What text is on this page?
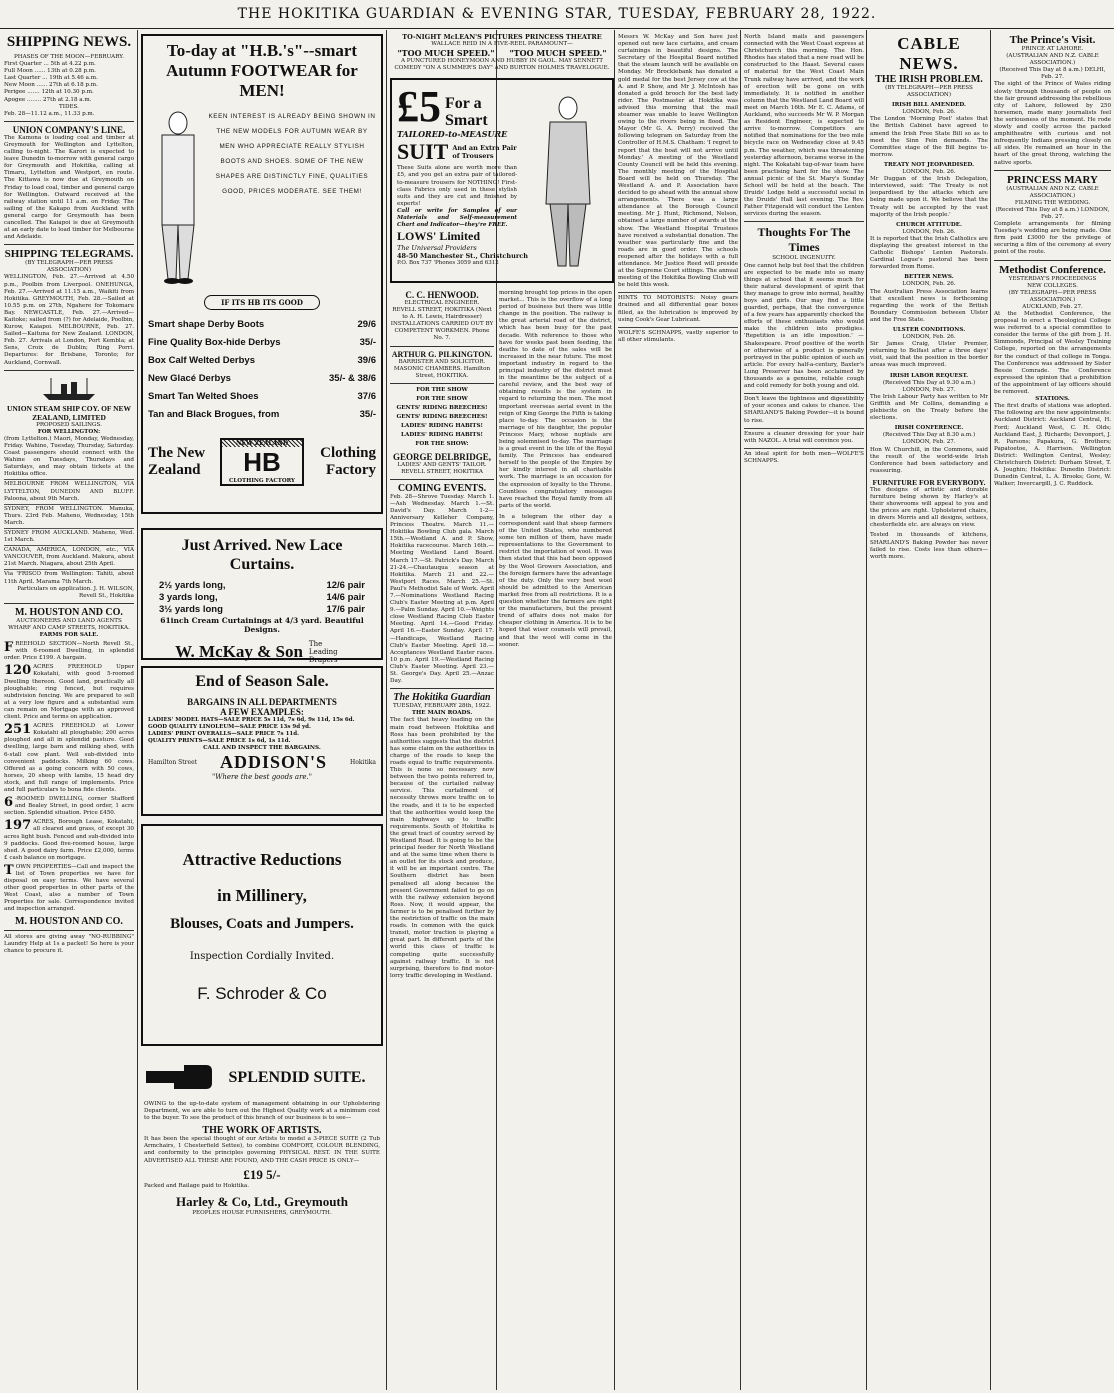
THE HOKITIKA GUARDIAN & EVENING STAR, TUESDAY, FEBRUARY 28, 1922.
SHIPPING NEWS.
PHASES OF THE MOON—FEBRUARY.
First Quarter ... 5th at 4.22 p.m.
Full Moon ...... 13th at 0.28 p.m.
Last Quarter ... 19th at 5.46 a.m.
New Moon ...... 27th at 6.18 p.m.
Perigee ....... 12th at 10.30 p.m.
Apogee ........ 27th at 2.18 a.m.
TIDES.
Feb. 28—11.12 a.m., 11.33 p.m.
UNION COMPANY'S LINE.
The Kamona is loading coal and timber at Greymouth for Wellington and Lyttelton, calling to-night. The Karori is expected to leave Dunedin to-morrow with general cargo for Greymouth and Hokitika, calling at Timaru, Lyttelton and Westport, en route. The Kittawa is now due at Greymouth on Friday to load coal, timber and general cargo for Wellington. Outward received at the railway station until 11 a.m. on Friday. The sailing of the Kakapo from Auckland with general cargo for Greymouth has been cancelled. The Kaiapoi is due at Greymouth at an early date to load timber for Melbourne and Adelaide.
SHIPPING TELEGRAMS.
(BY TELEGRAPH—PER PRESS ASSOCIATION)
WELLINGTON, Feb. 27.—Arrived at 4.50 p.m., Poolbin from Liverpool. ONEHUNGA, Feb. 27.—Arrived at 11.15 a.m., Waikiti from Hokitika. GREYMOUTH, Feb. 28.—Sailed at 10.55 p.m. on 27th, Ngahere for Tokomaru Bay. NEWCASTLE, Feb. 27.—Arrived—Kaitoke; sailed from (?) for Adelaide, Poolbin, Kurow, Kaiapoi. MELBOURNE, Feb. 27. Sailed—Kaituna for New Zealand. LONDON, Feb. 27. Arrivals at London, Port Kembla; at Sens, Croix de Dublin; Ring Porri. Departures: for Brisbane, Toronto; for Auckland, Cornwall.
UNION STEAM SHIP COY. OF NEW ZEALAND, LIMITED
PROPOSED SAILINGS.
FOR WELLINGTON:
(from Lyttelton.) Maori, Monday, Wednesday, Friday. Wahine, Tuesday, Thursday, Saturday. Coast passengers should connect with the Wahine on Tuesdays, Thursdays and Saturdays, and may obtain tickets at the Hokitika office.
MELBOURNE FROM WELLINGTON, VIA LYTTELTON, DUNEDIN AND BLUFF. Paloona, about 9th March.
SYDNEY, FROM WELLINGTON. Manuka, Thurs. 23rd Feb. Maheno, Wednesday, 15th March.
SYDNEY FROM AUCKLAND. Maheno, Wed. 1st March.
CANADA, AMERICA, LONDON, etc., VIA VANCOUVER, from Auckland. Makura, about 21st March. Niagara, about 25th April.
Via 'FRISCO from Wellington: Tahiti, about 11th April. Marama 7th March.
Particulars on application. J. H. WILSON, Revell St., Hokitika
M. HOUSTON AND CO.
AUCTIONEERS AND LAND AGENTS
WHARF AND CAMP STREETS, HOKITIKA.
FARMS FOR SALE.
FREEHOLD SECTION—North Revell St., with 6-roomed Dwelling, in splendid order. Price £199. A bargain.
120 ACRES FREEHOLD Upper Kokatahi, with good 5-roomed Dwelling thereon. Good land, practically all ploughable; ring fenced, but requires subdivision fencing. We are prepared to sell at a very low figure and a substantial sum can remain on Mortgage with an approved client. Price and terms on application.
251 ACRES FREEHOLD at Lower Kokatahi all ploughable; 200 acres ploughed and all in splendid pasture. Good dwelling, large barn and milking shed, with 6-stall cow plant. Well sub-divided into convenient paddocks. Milking 60 cows. Offered as a going concern with 50 cows, horses, 20 sheep with lambs, 15 head dry stock, and full range of implements. Price and full particulars to bona fide clients.
6 -ROOMED DWELLING, corner Stafford and Bealey Street, in good order, 1 acre section. Splendid situation. Price £450.
197 ACRES, Borough Lease, Kokatahi, all cleared and grass, of except 30 acres light bush. Fenced and sub-divided into 9 paddocks. Good five-roomed house, large shed. A good dairy farm. Price £2,000, terms £ cash balance on mortgage.
TOWN PROPERTIES—Call and inspect the list of Town properties we have for disposal on easy terms. We have several other good properties in other parts of the West Coast, also a number of Town Properties for sale. Correspondence invited and inspection arranged.
M. HOUSTON AND CO.
All stores are giving away "NO-RUBBING" Laundry Help at 1s a packet! So here is your chance to procure it.
To-day at "H.B.'s"--smart Autumn FOOTWEAR for MEN!
KEEN INTEREST IS ALREADY BEING SHOWN IN THE NEW MODELS FOR AUTUMN WEAR BY MEN WHO APPRECIATE REALLY STYLISH BOOTS AND SHOES. SOME OF THE NEW SHAPES ARE DISTINCTLY FINE, QUALITIES GOOD, PRICES MODERATE. SEE THEM!
IF ITS HB ITS GOOD
Smart shape Derby Boots	29/6
Fine Quality Box-hide Derbys	35/-
Box Calf Welted Derbys	39/6
New Glacé Derbys	35/- & 38/6
Smart Tan Welted Shoes	37/6
Tan and Black Brogues, from	35/-
The New Zealand
NEW ZEALAND
HB
CLOTHING FACTORY
Clothing Factory
Just Arrived. New Lace Curtains.
2½ yards long,	12/6 pair
3 yards long,	14/6 pair
3½ yards long	17/6 pair
61inch Cream Curtainings at 4/3 yard. Beautiful Designs.
W. McKay & Son The Leading Drapers
End of Season Sale.
BARGAINS IN ALL DEPARTMENTS
A FEW EXAMPLES:
LADIES' MODEL HATS—SALE PRICE 5s 11d, 7s 6d, 9s 11d, 15s 6d.
GOOD QUALITY LINOLEUM—SALE PRICE 13s 9d yd.
LADIES' PRINT OVERALLS—SALE PRICE 7s 11d.
QUALITY PRINTS—SALE PRICE 1s 6d, 1s 11d.
CALL AND INSPECT THE BARGAINS.
Hamilton Street ADDISON'S	Hokitika
"Where the best goods are."
Attractive Reductions
in Millinery,
Blouses, Coats and Jumpers.
Inspection Cordially Invited.
F. Schroder & Co
SPLENDID SUITE.
OWING to the up-to-date system of management obtaining in our Upholstering Department, we are able to turn out the Highest Quality work at a minimum cost to the buyer. To see the product of this branch of our business is to see—
THE WORK OF ARTISTS.
It has been the special thought of our Artists to model a 3-PIECE SUITE (2 Tub Armchairs, 1 Chesterfield Settee), to combine COMFORT, COLOUR BLENDING, and conformity to the principles governing PHYSICAL REST. IN THE SUITE ADVERTISED ALL THESE ARE FOUND, AND THE CASH PRICE IS ONLY—
£19 5/-
Packed and Railage paid to Hokitika.
Harley & Co, Ltd., Greymouth
PEOPLES HOUSE FURNISHERS, GREYMOUTH.
TO-NIGHT McLEAN'S PICTURES PRINCESS THEATRE
WALLACE REID IN A FIVE-REEL PARAMOUNT—
"TOO MUCH SPEED." "TOO MUCH SPEED."
A PUNCTURED HONEYMOON AND HUBBY IN GAOL. MAY SENNETT COMEDY "ON A SUMMER'S DAY" AND BURTON HOLMES TRAVELOGUE.
£5 For a Smart
TAILORED-to-MEASURE
SUIT And an Extra Pair of Trousers
These Suits alone are worth more than £5, and you get an extra pair of tailored-to-measure trousers for NOTHING! First-class Fabrics only used in these stylish suits and they are cut and finished by experts!
Call or write for Samples of our Materials and Self-measurement Chart and Indicator—they're FREE.
LOWS' Limited
The Universal Providers
48-50 Manchester St., Christchurch
P.O. Box 737 'Phones 3059 and 6312
C. C. HENWOOD.
ELECTRICAL ENGINEER.
REVELL STREET, HOKITIKA (Next to A. H. Lewis, Hairdresser) INSTALLATIONS CARRIED OUT BY COMPETENT WORKMEN. Phone No. 7.
ARTHUR G. PILKINGTON.
BARRISTER AND SOLICITOR.
MASONIC CHAMBERS. Hamilton Street, HOKITIKA.
FOR THE SHOW
FOR THE SHOW
GENTS' RIDING BREECHES!
GENTS' RIDING BREECHES!
LADIES' RIDING HABITS!
LADIES' RIDING HABITS!
FOR THE SHOW:
GEORGE DELBRIDGE,
LADIES' AND GENTS' TAILOR.
REVELL STREET, HOKITIKA
COMING EVENTS.
Feb. 28—Shrove Tuesday. March 1.—Ash Wednesday. March 1.—St. David's Day. March 1-2—Anniversary Kelleher Company, Princess Theatre. March 11.—Hokitika Bowling Club gala. March 15th.—Westland A. and P. Show, Hokitika racecourse. March 16th.—Meeting Westland Land Board. March 17.—St. Patrick's Day. March 21-24.—Chautauqua season at Hokitika. March 21 and 22.—Westport Races. March 25.—St. Paul's Methodist Sale of Work. April 7.—Nominations Westland Racing Club's Easter Meeting at p.m. April 9.—Palm Sunday. April 10.—Weights close Westland Racing Club Easter Meeting. April 14.—Good Friday. April 16.—Easter Sunday. April 17.—Handicaps, Westland Racing Club's Easter Meeting. April 18.—Acceptances Westland Easter races. 10 p.m. April 19.—Westland Racing Club's Easter Meeting. April 23.—St. George's Day. April 25.—Anzac Day.
The Hokitika Guardian
TUESDAY, FEBRUARY 28th, 1922.
THE MAIN ROADS.
The fact that heavy loading on the main road between Hokitika and Ross has been prohibited by the authorities suggests that the district has some claim on the authorities in charge of the roads to keep the roads equal to traffic requirements. This is none so necessary now between the two points referred to, because of the curtailed railway service. This curtailment of necessity throws more traffic on to the roads, and it is to be expected that the authorities would keep the main highways up to traffic requirements. South of Hokitika is the great tract of country served by Westland Road. It is going to be the principal feeder for North Westland and at the same time when there is an outlet for its stock and produce, it will be an important centre. The Southern district has been penalised all along because the present Government failed to go on with the railway extension beyond Ross. Now, it would appear, the farmer is to be penalised further by the restriction of traffic on the main roads. In common with the quick transit, motor traction is playing a great part. In different parts of the world this class of traffic is competing quite successfully against railway traffic. It is not surprising, therefore to find motor-lorry traffic developing in Westland.
morning brought top prices in the open market... This is the overflow of a long period of business but there was little change in the position. The railway is the great arterial road of the district, which has been busy for the past decade. With reference to those who have for weeks past been feeding, the deaths to date of the sales will be increased in the near future. The most important industry in regard to the principal industry of the district must in the meantime be the subject of a careful review, and the best way of obtaining results is the system in regard to returning the men. The most important overseas aerial event in the reign of King George the Fifth is taking place to-day. The occasion is the marriage of his daughter, the popular Princess Mary, whose nuptials are being solemnised to-day. The marriage is a great event in the life of the Royal family. The Princess has endeared herself to the people of the Empire by her kindly interest in all charitable work. The marriage is an occasion for the expression of loyalty to the Throne. Countless congratulatory messages have reached the Royal family from all parts of the world.
In a telegram the other day a correspondent said that sheep farmers of the United States, who numbered some ten million of them, have made representations to the Government to restrict the importation of wool. It was then stated that this had been opposed by the Wool Growers Association, and the foreign farmers have the advantage of the duty. Only the very best wool should be admitted to the American market free from all restrictions. It is a question whether the farmers are right or the manufacturers, but the present trend of affairs does not make for cheaper clothing in America. It is to be hoped that wiser counsels will prevail, and that the wool will come in the sooner.
Messrs W. McKay and Son have just opened out new lace curtains, and cream curtainings in beautiful designs. The Secretary of the Hospital Board notified that the steam launch will be available on Monday. Mr Brocklebank has donated a gold medal for the best Jersey cow at the A. and P. Show, and Mr J. McIntosh has donated a gold brooch for the best lady rider. The Postmaster at Hokitika was advised this morning that the mail steamer was unable to leave Wellington owing to the rivers being in flood. The Mayor (Mr G. A. Perry) received the following telegram on Saturday from the Controller of H.M.S. Chatham: 'I regret to report that the boat will not arrive until Monday.' A meeting of the Westland County Council will be held this evening. The monthly meeting of the Hospital Board will be held on Thursday. The Westland A. and P. Association have decided to go ahead with the annual show arrangements. There was a large attendance at the Borough Council meeting. Mr J. Hunt, Richmond, Nelson, obtained a large number of awards at the show. The Westland Hospital Trustees have received a substantial donation. The weather was particularly fine and the roads are in good order. The schools reopened after the holidays with a full attendance. Mr Justice Reed will preside at the Supreme Court sittings. The annual meeting of the Hokitika Bowling Club will be held this week.
HINTS TO MOTORISTS: Noisy gears drained and all differential gear boxes filled, as the lubrication is improved by using Cook's Gear Lubricant.
WOLFE'S SCHNAPPS, vastly superior to all other stimulants.
North Island mails and passengers connected with the West Coast express at Christchurch this morning. The Hon. Rhodes has stated that a new road will be constructed to the Haast. Several cases of material for the West Coast Main Trunk railway have arrived, and the work of erection will be gone on with immediately. It is notified in another column that the Westland Land Board will meet on March 16th. Mr E. C. Adams, of Auckland, who succeeds Mr W. P. Morgan as Resident Engineer, is expected to arrive to-morrow. Competitors are notified that nominations for the two mile bicycle race on Wednesday close at 9.45 p.m. The weather, which was threatening yesterday afternoon, became worse in the night. The Kokatahi tug-of-war team have been practising hard for the show. The annual picnic of the St. Mary's Sunday School will be held at the beach. The Druids' Lodge held a successful social in the Druids' Hall last evening. The Rev. Father Fitzgerald will conduct the Lenten services during the season.
Thoughts For The Times
SCHOOL INGENUITY.
One cannot help but feel that the children are expected to be made into so many things at school that it seems much for their natural development of spirit that they manage to grow into normal, healthy boys and girls. Our may find a little guarded, perhaps, that the convergence of a few years has apparently checked the efforts of these enthusiasts who would make the children into prodigies. 'Repetition is an idle imposition.' —Shakespeare. Proof positive of the worth or otherwise of a product is generally portrayed in the public opinion of such an article. For every half-a-century, Baxter's Lung Preserver has been acclaimed by thousands as a genuine, reliable cough and cold remedy for both young and old.
Don't leave the lightness and digestibility of your scones and cakes to chance. Use SHARLAND'S Baking Powder—it is bound to rise.
Ensure a cleaner dressing for your hair with NAZOL. A trial will convince you.
An ideal spirit for both men—WOLFE'S SCHNAPPS.
CABLE NEWS.
THE IRISH PROBLEM.
(BY TELEGRAPH—PER PRESS ASSOCIATION)
IRISH BILL AMENDED.
LONDON, Feb. 26.
The London 'Morning Post' states that the British Cabinet have agreed to amend the Irish Free State Bill so as to meet the Sinn Fein demands. The Committee stage of the Bill begins to-morrow.
TREATY NOT JEOPARDISED.
LONDON, Feb. 26.
Mr Duggan of the Irish Delegation, interviewed, said: 'The Treaty is not jeopardised by the attacks which are being made upon it. We believe that the Treaty will be accepted by the vast majority of the Irish people.'
CHURCH ATTITUDE.
LONDON, Feb. 26.
It is reported that the Irish Catholics are displaying the greatest interest in the Catholic Bishops' Lenten Pastorals. Cardinal Logue's pastoral has been forwarded from Rome.
BETTER NEWS.
LONDON, Feb. 26.
The Australian Press Association learns that excellent news is forthcoming regarding the work of the British Boundary Commission between Ulster and the Free State.
ULSTER CONDITIONS.
LONDON, Feb. 26.
Sir James Craig, Ulster Premier, returning to Belfast after a three days' visit, said that the position in the border areas was much improved.
IRISH LABOR REQUEST.
(Received This Day at 9.30 a.m.) LONDON, Feb. 27.
The Irish Labour Party has written to Mr Griffith and Mr Collins, demanding a plebiscite on the Treaty before the elections.
IRISH CONFERENCE.
(Received This Day at 8.30 a.m.) LONDON, Feb. 27.
Hon W. Churchill, in the Commons, said the result of the world-wide Irish Conference had been satisfactory and reassuring.
FURNITURE FOR EVERYBODY.
The designs of artistic and durable furniture being shown by Harley's at their showrooms will appeal to you and the prices are right. Upholstered chairs, in divers Morris and all designs, settees, chesterfields etc. are always on view.
Tested in thousands of kitchens, SHARLAND'S Baking Powder has never failed to rise. Costs less than others—worth more.
The Prince's Visit.
PRINCE AT LAHORE.
(AUSTRALIAN AND N.Z. CABLE ASSOCIATION.)
(Received This Day at 8 a.m.) DELHI, Feb. 27.
The sight of the Prince of Wales riding slowly through thousands of people on the fair ground addressing the rebellious city of Lahore, followed by 250 horsemen, made many journalists feel the seriousness of the moment. He rode slowly and coolly across the packed amphitheatre with curious and not infrequently Indians pressing closely on all sides. He remained an hour in the heart of the great throng, watching the native sports.
PRINCESS MARY
(AUSTRALIAN AND N.Z. CABLE ASSOCIATION.)
FILMING THE WEDDING.
(Received This Day at 8 a.m.) LONDON, Feb. 27.
Complete arrangements for filming Tuesday's wedding are being made. One firm paid £3000 for the privilege of securing a film of the ceremony at every point of the route.
Methodist Conference.
YESTERDAY'S PROCEEDINGS
NEW COLLEGES.
(BY TELEGRAPH—PER PRESS ASSOCIATION.)
AUCKLAND, Feb. 27.
At the Methodist Conference, the proposal to erect a Theological College was referred to a special committee to consider the terms of the gift from J. H. Simmonds, Principal of Wesley Training College, reported on the arrangements for the conduct of that college in Tonga. The Conference was addressed by Sister Bessie Comrade. The Conference expressed the opinion that a prohibition of the appointment of lay officers should be removed.
STATIONS.
The first drafts of stations was adopted. The following are the new appointments: Auckland District: Auckland Central, H. Ford; Auckland West, C. H. Olds; Auckland East, J. Richards; Devonport, J. R. Parsons; Papakura, G. Brothers; Papatoetoe, A. Harrison. Wellington District: Wellington Central, Wesley; Christchurch District: Durham Street, T. A. Joughin; Hokitika: Dunedin District: Dunedin Central, L. A. Brooks; Gore, W. Walker; Invercargill, J. C. Ruddock.
